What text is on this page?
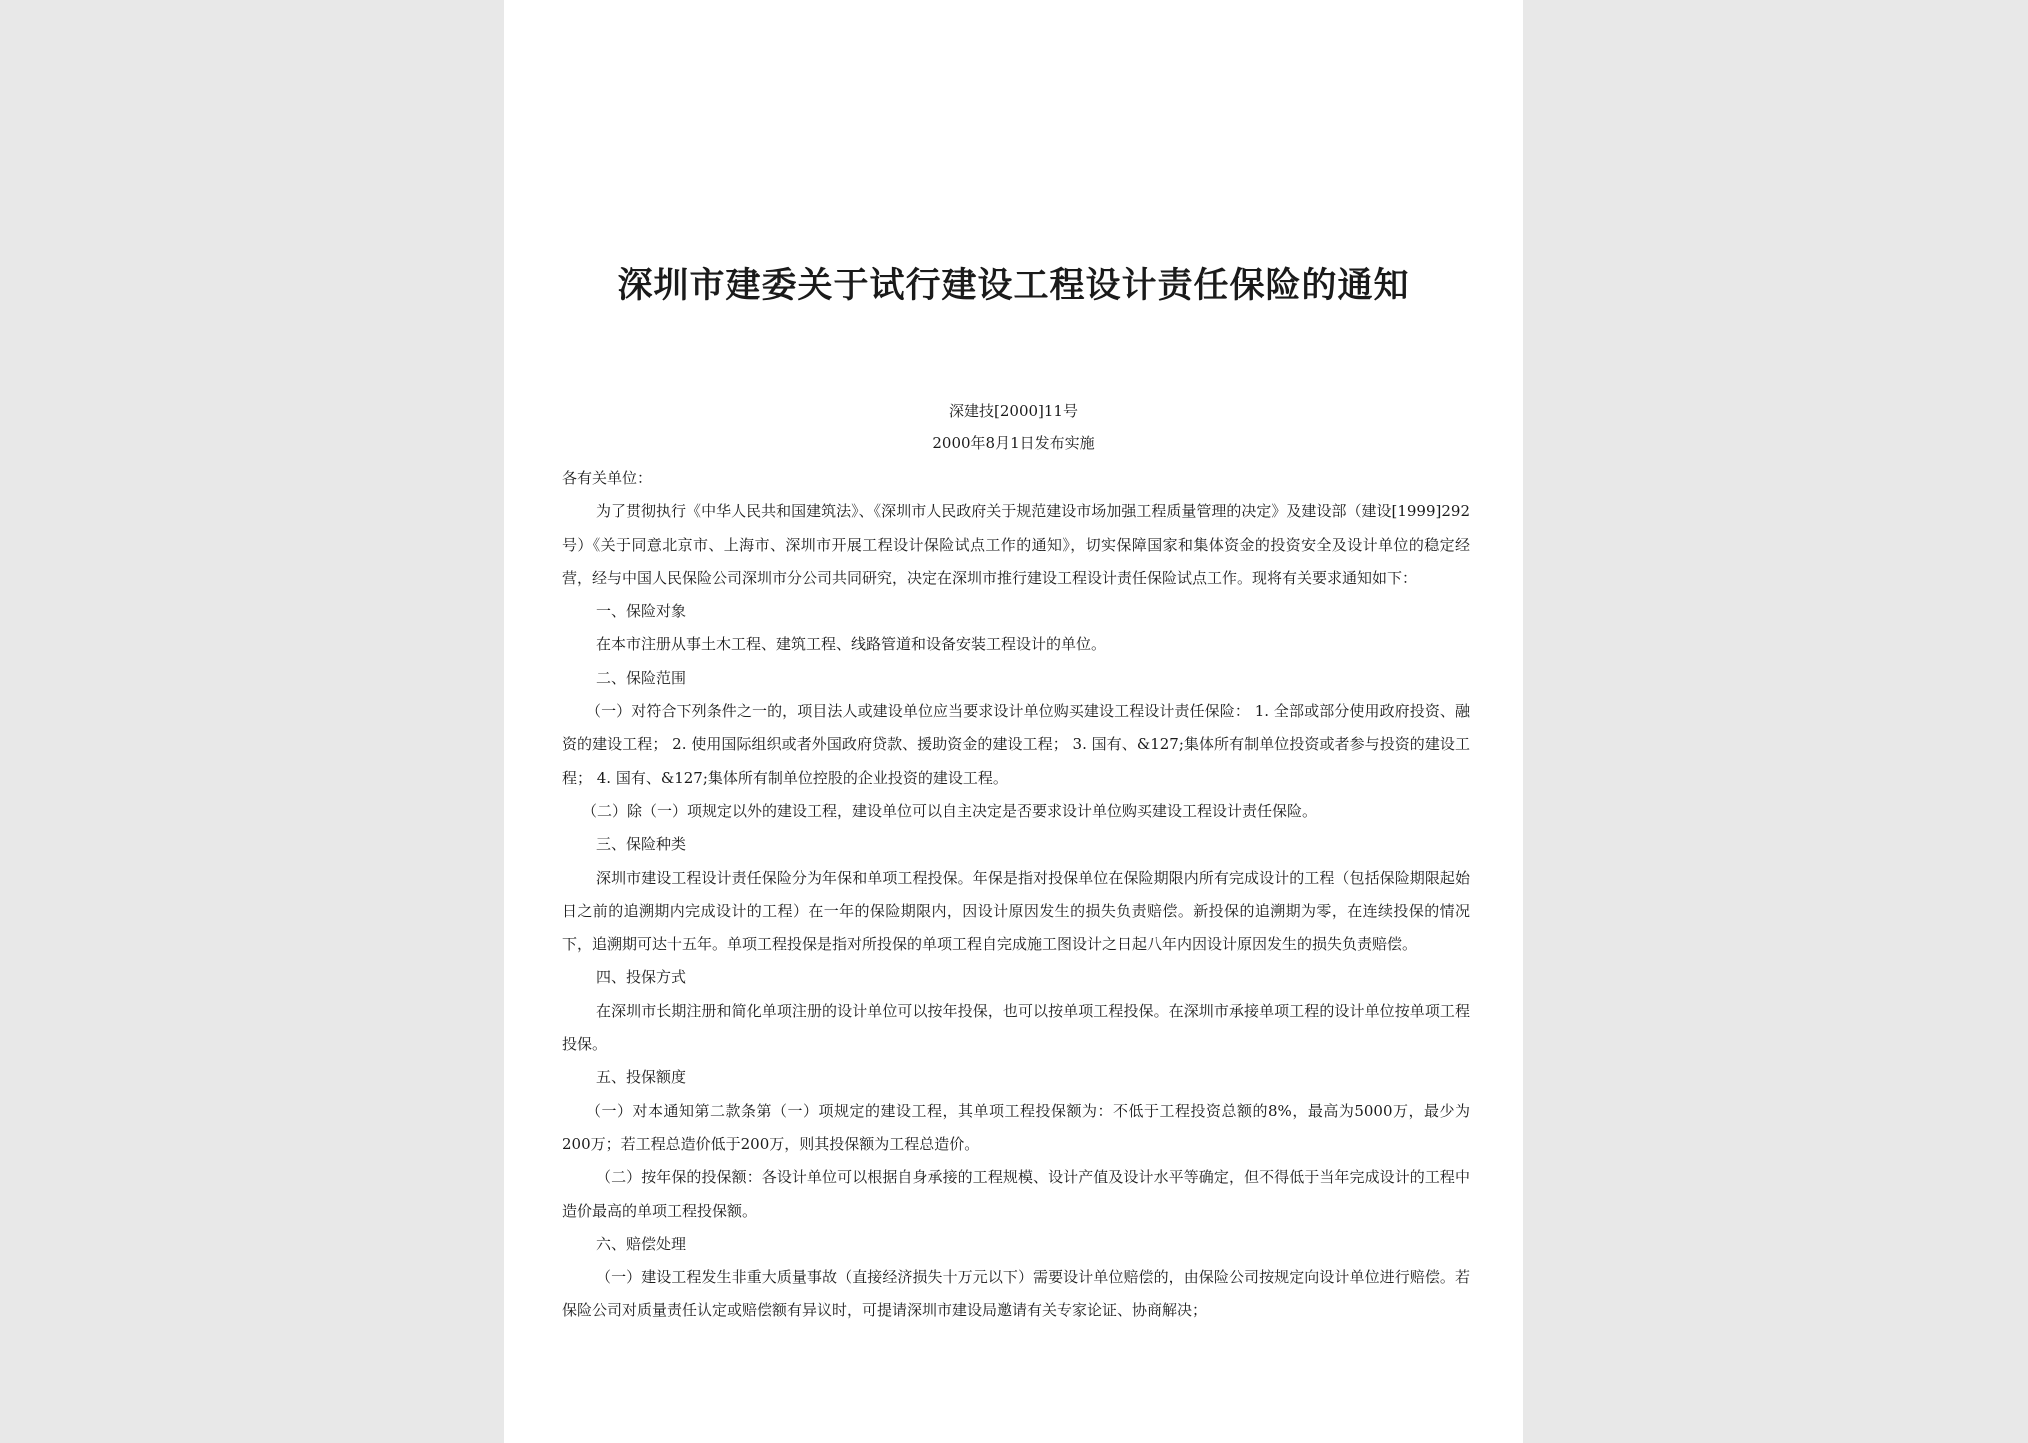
深圳市建委关于试行建设工程设计责任保险的通知
深建技[2000]11号
2000年8月1日发布实施

各有关单位：

为了贯彻执行《中华人民共和国建筑法》、《深圳市人民政府关于规范建设市场加强工程质量管理的决定》及建设部（建设[1999]292号）《关于同意北京市、上海市、深圳市开展工程设计保险试点工作的通知》，切实保障国家和集体资金的投资安全及设计单位的稳定经营，经与中国人民保险公司深圳市分公司共同研究，决定在深圳市推行建设工程设计责任保险试点工作。现将有关要求通知如下：

一、保险对象

在本市注册从事土木工程、建筑工程、线路管道和设备安装工程设计的单位。

二、保险范围

（一）对符合下列条件之一的，项目法人或建设单位应当要求设计单位购买建设工程设计责任保险： 1. 全部或部分使用政府投资、融资的建设工程； 2. 使用国际组织或者外国政府贷款、援助资金的建设工程； 3. 国有、&127;集体所有制单位投资或者参与投资的建设工程； 4. 国有、&127;集体所有制单位控股的企业投资的建设工程。

（二）除（一）项规定以外的建设工程，建设单位可以自主决定是否要求设计单位购买建设工程设计责任保险。

三、保险种类

深圳市建设工程设计责任保险分为年保和单项工程投保。年保是指对投保单位在保险期限内所有完成设计的工程（包括保险期限起始日之前的追溯期内完成设计的工程）在一年的保险期限内，因设计原因发生的损失负责赔偿。新投保的追溯期为零，在连续投保的情况下，追溯期可达十五年。单项工程投保是指对所投保的单项工程自完成施工图设计之日起八年内因设计原因发生的损失负责赔偿。

四、投保方式

在深圳市长期注册和简化单项注册的设计单位可以按年投保，也可以按单项工程投保。在深圳市承接单项工程的设计单位按单项工程投保。

五、投保额度

（一）对本通知第二款条第（一）项规定的建设工程，其单项工程投保额为：不低于工程投资总额的8%，最高为5000万，最少为200万；若工程总造价低于200万，则其投保额为工程总造价。

（二）按年保的投保额：各设计单位可以根据自身承接的工程规模、设计产值及设计水平等确定，但不得低于当年完成设计的工程中造价最高的单项工程投保额。

六、赔偿处理

（一）建设工程发生非重大质量事故（直接经济损失十万元以下）需要设计单位赔偿的，由保险公司按规定向设计单位进行赔偿。若保险公司对质量责任认定或赔偿额有异议时，可提请深圳市建设局邀请有关专家论证、协商解决；
